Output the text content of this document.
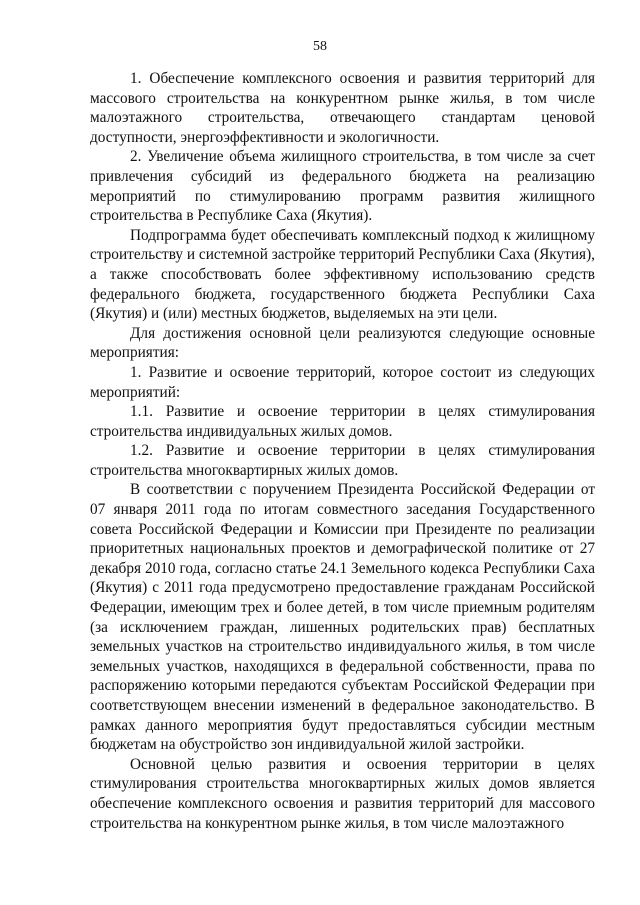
58

1. Обеспечение комплексного освоения и развития территорий для массового строительства на конкурентном рынке жилья, в том числе малоэтажного строительства, отвечающего стандартам ценовой доступности, энергоэффективности и экологичности.

2. Увеличение объема жилищного строительства, в том числе за счет привлечения субсидий из федерального бюджета на реализацию мероприятий по стимулированию программ развития жилищного строительства в Республике Саха (Якутия).

Подпрограмма будет обеспечивать комплексный подход к жилищному строительству и системной застройке территорий Республики Саха (Якутия), а также способствовать более эффективному использованию средств федерального бюджета, государственного бюджета Республики Саха (Якутия) и (или) местных бюджетов, выделяемых на эти цели.

Для достижения основной цели реализуются следующие основные мероприятия:

1. Развитие и освоение территорий, которое состоит из следующих мероприятий:

1.1. Развитие и освоение территории в целях стимулирования строительства индивидуальных жилых домов.

1.2. Развитие и освоение территории в целях стимулирования строительства многоквартирных жилых домов.

В соответствии с поручением Президента Российской Федерации от 07 января 2011 года по итогам совместного заседания Государственного совета Российской Федерации и Комиссии при Президенте по реализации приоритетных национальных проектов и демографической политике от 27 декабря 2010 года, согласно статье 24.1 Земельного кодекса Республики Саха (Якутия) с 2011 года предусмотрено предоставление гражданам Российской Федерации, имеющим трех и более детей, в том числе приемным родителям (за исключением граждан, лишенных родительских прав) бесплатных земельных участков на строительство индивидуального жилья, в том числе земельных участков, находящихся в федеральной собственности, права по распоряжению которыми передаются субъектам Российской Федерации при соответствующем внесении изменений в федеральное законодательство. В рамках данного мероприятия будут предоставляться субсидии местным бюджетам на обустройство зон индивидуальной жилой застройки.

Основной целью развития и освоения территории в целях стимулирования строительства многоквартирных жилых домов является обеспечение комплексного освоения и развития территорий для массового строительства на конкурентном рынке жилья, в том числе малоэтажного
